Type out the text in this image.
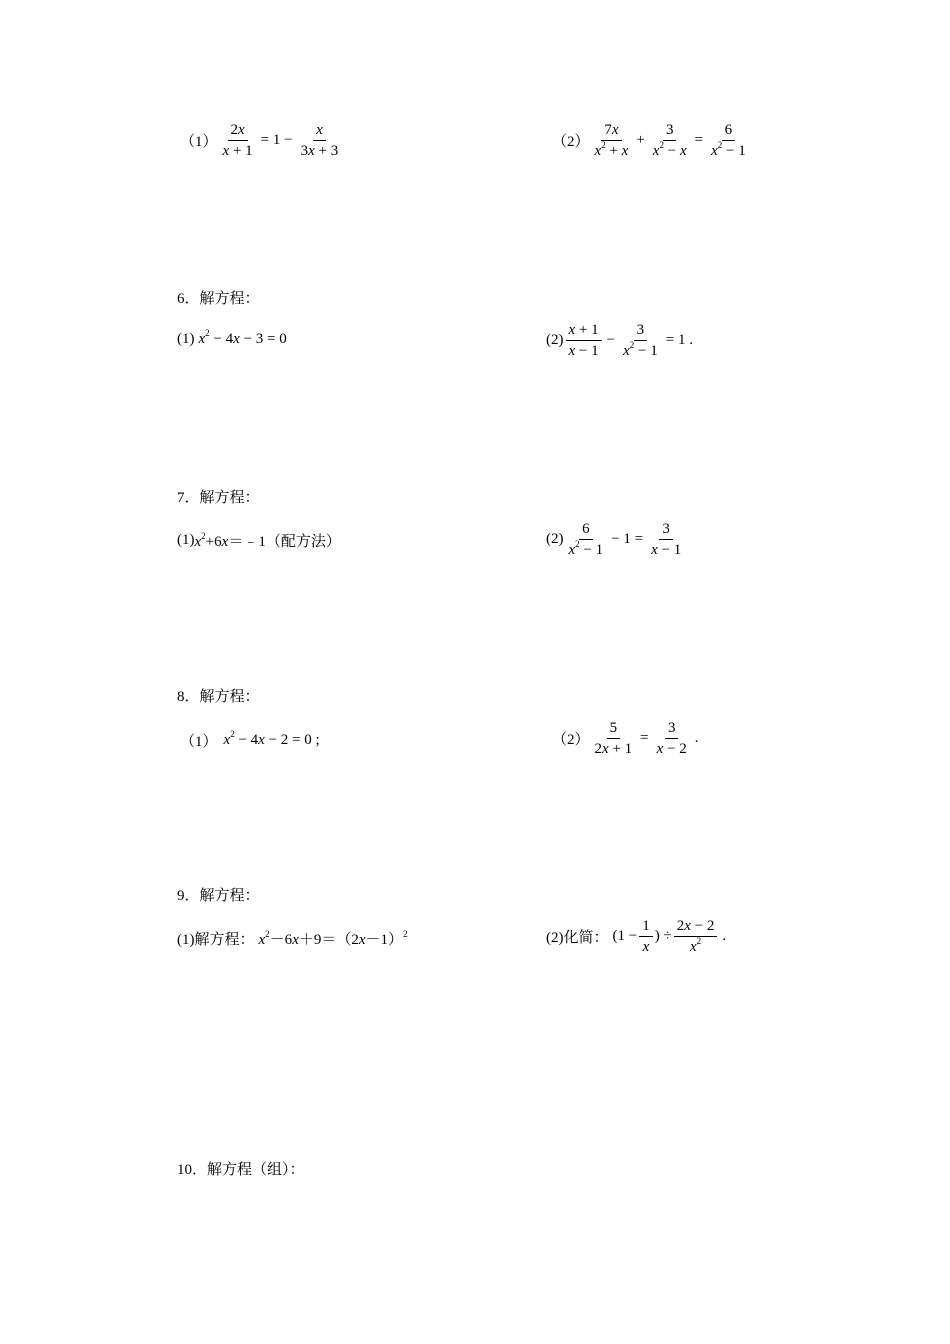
$(1) \frac{2x}{x + 1} = 1 - \frac{x}{3x + 3}$	$(2) \frac{7x}{x^2 + x} + \frac{3}{x^2 - x} = \frac{6}{x^2 - 1}$
6．解方程：
(1) $x^2 - 4x - 3 = 0$	$(2) \frac{x + 1}{x - 1} - \frac{3}{x^2 - 1} = 1$ .
7．解方程：
(1) $x^2+6x=﹣1$ （配方法）	$(2) \frac{6}{x^2 - 1} - 1 = \frac{3}{x - 1}$
8．解方程：
（1） $x^2 - 4x - 2 = 0$ ;	$(2) \frac{5}{2x + 1} = \frac{3}{x - 2}$ .
9．解方程：
(1)解方程： $x^2-6x+9=(2x-1)^2$	(2)化简： ($1 - \frac{1}{x}$ ) ÷ $\frac{2x - 2}{x^2}$ .
10．解方程（组）：
